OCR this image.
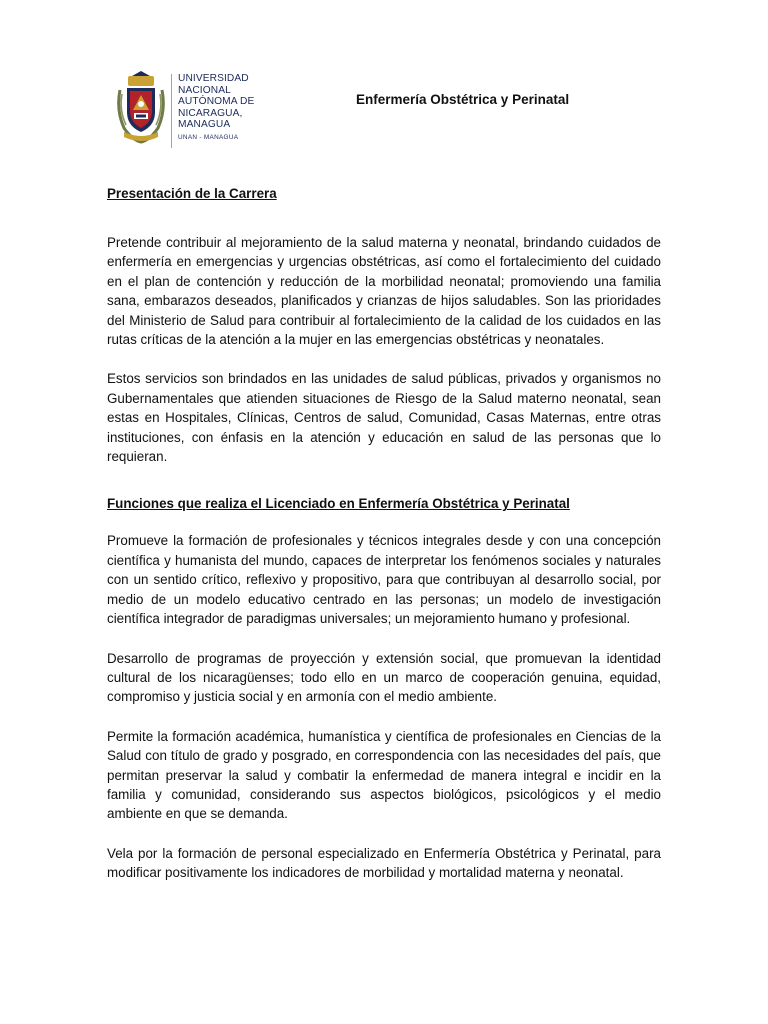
UNIVERSIDAD
NACIONAL
AUTÓNOMA DE
NICARAGUA,
MANAGUA
UNAN - MANAGUA
Enfermería Obstétrica y Perinatal
Presentación de la Carrera

Pretende contribuir al mejoramiento de la salud materna y neonatal, brindando cuidados de enfermería en emergencias y urgencias obstétricas, así como el fortalecimiento del cuidado en el plan de contención y reducción de la morbilidad neonatal; promoviendo una familia sana, embarazos deseados, planificados y crianzas de hijos saludables. Son las prioridades del Ministerio de Salud para contribuir al fortalecimiento de la calidad de los cuidados en las rutas críticas de la atención a la mujer en las emergencias obstétricas y neonatales.

Estos servicios son brindados en las unidades de salud públicas, privados y organismos no Gubernamentales que atienden situaciones de Riesgo de la Salud materno neonatal, sean estas en Hospitales, Clínicas, Centros de salud, Comunidad, Casas Maternas, entre otras instituciones, con énfasis en la atención y educación en salud de las personas que lo requieran.

Funciones que realiza el Licenciado en Enfermería Obstétrica y Perinatal

Promueve la formación de profesionales y técnicos integrales desde y con una concepción científica y humanista del mundo, capaces de interpretar los fenómenos sociales y naturales con un sentido crítico, reflexivo y propositivo, para que contribuyan al desarrollo social, por medio de un modelo educativo centrado en las personas; un modelo de investigación científica integrador de paradigmas universales; un mejoramiento humano y profesional.

Desarrollo de programas de proyección y extensión social, que promuevan la identidad cultural de los nicaragüenses; todo ello en un marco de cooperación genuina, equidad, compromiso y justicia social y en armonía con el medio ambiente.

Permite la formación académica, humanística y científica de profesionales en Ciencias de la Salud con título de grado y posgrado, en correspondencia con las necesidades del país, que permitan preservar la salud y combatir la enfermedad de manera integral e incidir en la familia y comunidad, considerando sus aspectos biológicos, psicológicos y el medio ambiente en que se demanda.

Vela por la formación de personal especializado en Enfermería Obstétrica y Perinatal, para modificar positivamente los indicadores de morbilidad y mortalidad materna y neonatal.
